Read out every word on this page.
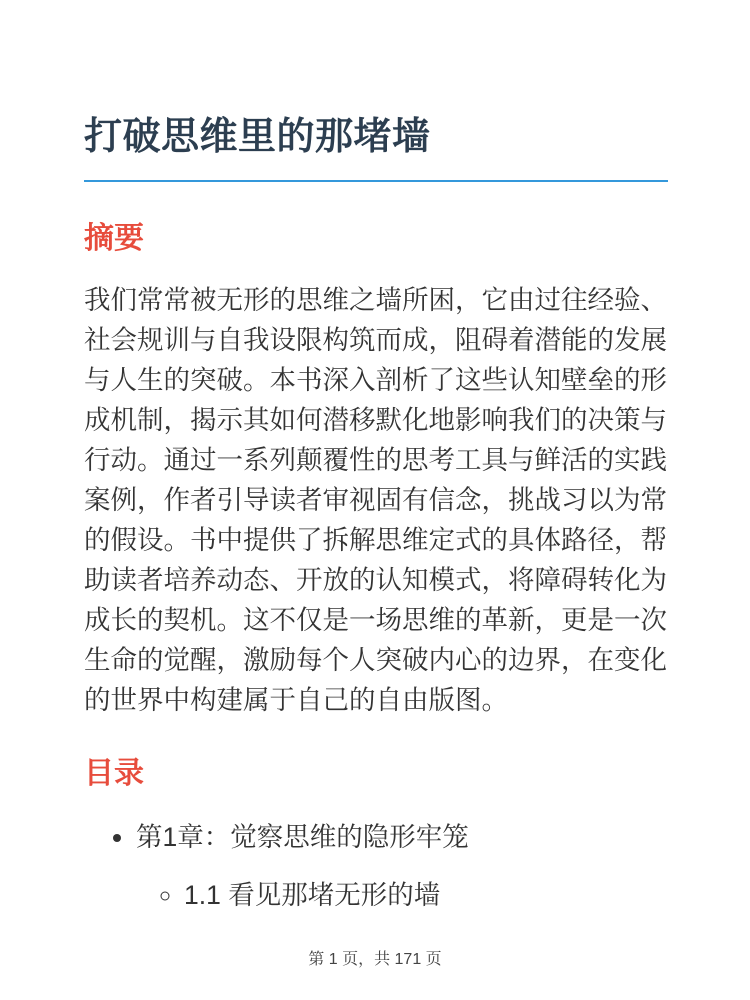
打破思维里的那堵墙
摘要

我们常常被无形的思维之墙所困，它由过往经验、社会规训与自我设限构筑而成，阻碍着潜能的发展与人生的突破。本书深入剖析了这些认知壁垒的形成机制，揭示其如何潜移默化地影响我们的决策与行动。通过一系列颠覆性的思考工具与鲜活的实践案例，作者引导读者审视固有信念，挑战习以为常的假设。书中提供了拆解思维定式的具体路径，帮助读者培养动态、开放的认知模式，将障碍转化为成长的契机。这不仅是一场思维的革新，更是一次生命的觉醒，激励每个人突破内心的边界，在变化的世界中构建属于自己的自由版图。

目录
• 第1章：觉察思维的隐形牢笼
◦ 1.1 看见那堵无形的墙
第 1 页，共 171 页
